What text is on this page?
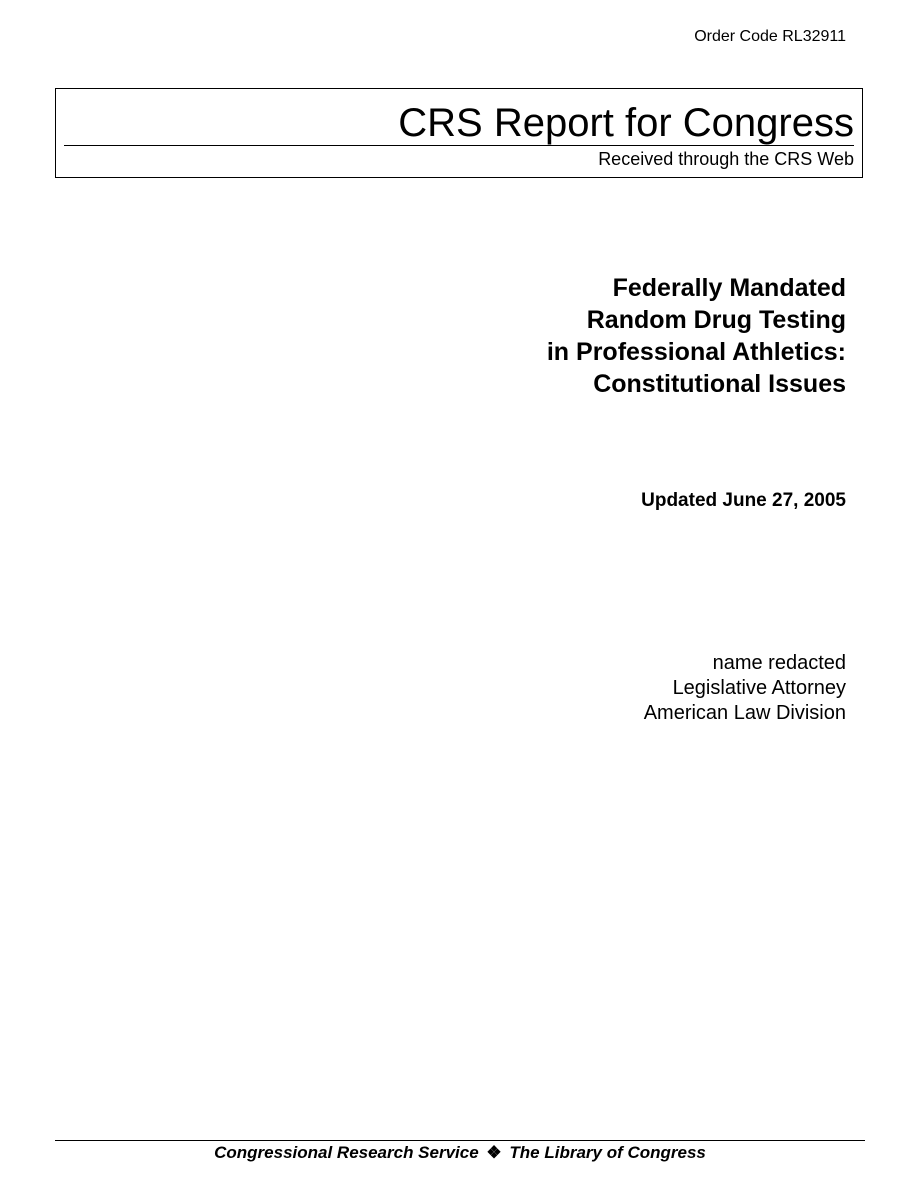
Order Code RL32911
CRS Report for Congress
Received through the CRS Web
Federally Mandated
Random Drug Testing
in Professional Athletics:
Constitutional Issues
Updated June 27, 2005
name redacted
Legislative Attorney
American Law Division
Congressional Research Service ❖ The Library of Congress
